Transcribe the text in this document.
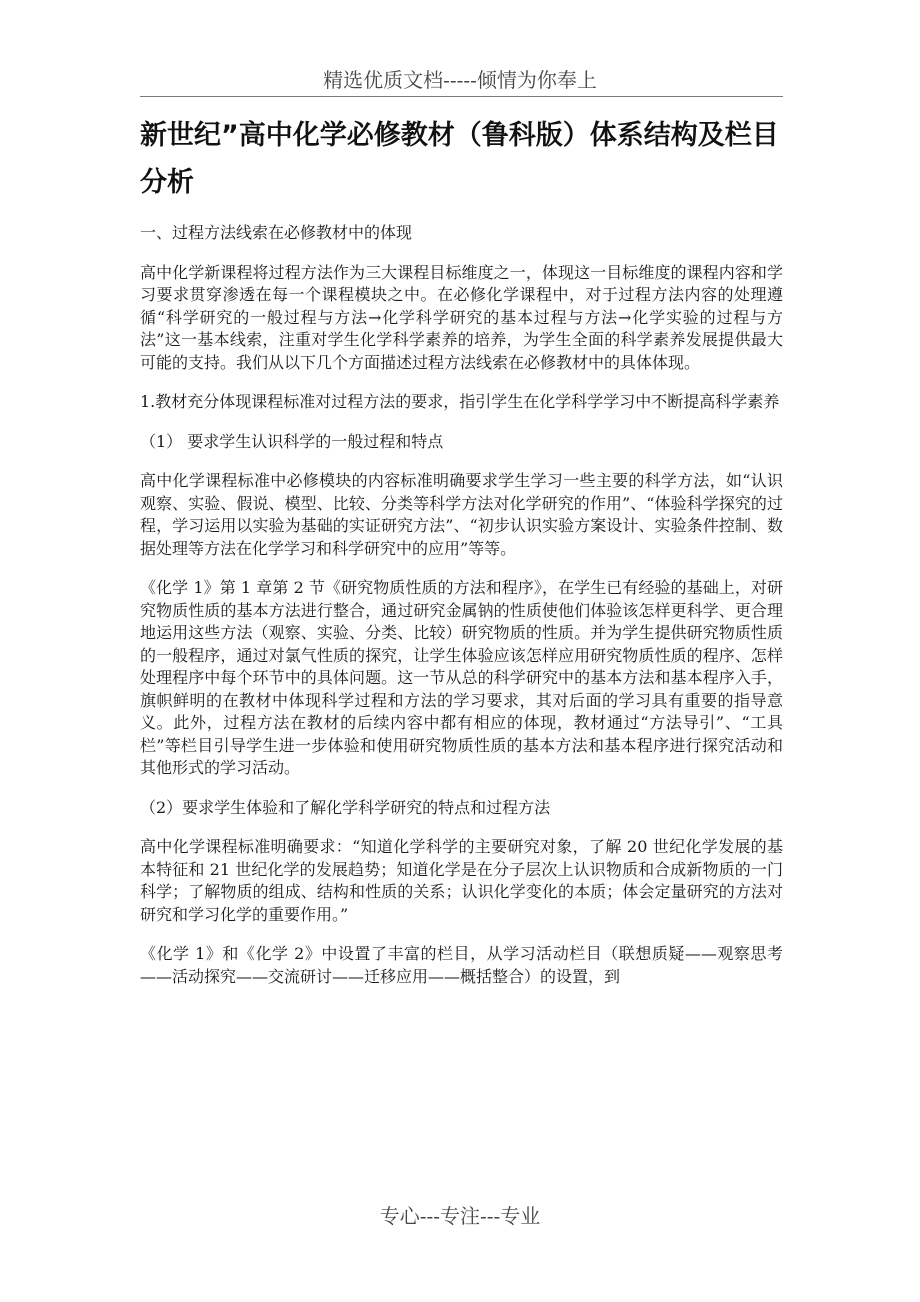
精选优质文档-----倾情为你奉上
新世纪”高中化学必修教材（鲁科版）体系结构及栏目分析
一、过程方法线索在必修教材中的体现

高中化学新课程将过程方法作为三大课程目标维度之一，体现这一目标维度的课程内容和学习要求贯穿渗透在每一个课程模块之中。在必修化学课程中，对于过程方法内容的处理遵循“科学研究的一般过程与方法→化学科学研究的基本过程与方法→化学实验的过程与方法”这一基本线索，注重对学生化学科学素养的培养，为学生全面的科学素养发展提供最大可能的支持。我们从以下几个方面描述过程方法线索在必修教材中的具体体现。

1.教材充分体现课程标准对过程方法的要求，指引学生在化学科学学习中不断提高科学素养

（1） 要求学生认识科学的一般过程和特点

高中化学课程标准中必修模块的内容标准明确要求学生学习一些主要的科学方法，如“认识观察、实验、假说、模型、比较、分类等科学方法对化学研究的作用”、“体验科学探究的过程，学习运用以实验为基础的实证研究方法”、“初步认识实验方案设计、实验条件控制、数据处理等方法在化学学习和科学研究中的应用”等等。

《化学 1》第 1 章第 2 节《研究物质性质的方法和程序》，在学生已有经验的基础上，对研究物质性质的基本方法进行整合，通过研究金属钠的性质使他们体验该怎样更科学、更合理地运用这些方法（观察、实验、分类、比较）研究物质的性质。并为学生提供研究物质性质的一般程序，通过对氯气性质的探究，让学生体验应该怎样应用研究物质性质的程序、怎样处理程序中每个环节中的具体问题。这一节从总的科学研究中的基本方法和基本程序入手，旗帜鲜明的在教材中体现科学过程和方法的学习要求，其对后面的学习具有重要的指导意义。此外，过程方法在教材的后续内容中都有相应的体现，教材通过“方法导引”、“工具栏”等栏目引导学生进一步体验和使用研究物质性质的基本方法和基本程序进行探究活动和其他形式的学习活动。

（2）要求学生体验和了解化学科学研究的特点和过程方法

高中化学课程标准明确要求：“知道化学科学的主要研究对象，了解 20 世纪化学发展的基本特征和 21 世纪化学的发展趋势；知道化学是在分子层次上认识物质和合成新物质的一门科学；了解物质的组成、结构和性质的关系；认识化学变化的本质；体会定量研究的方法对研究和学习化学的重要作用。”

《化学 1》和《化学 2》中设置了丰富的栏目，从学习活动栏目（联想质疑——观察思考——活动探究——交流研讨——迁移应用——概括整合）的设置，到

专心---专注---专业
